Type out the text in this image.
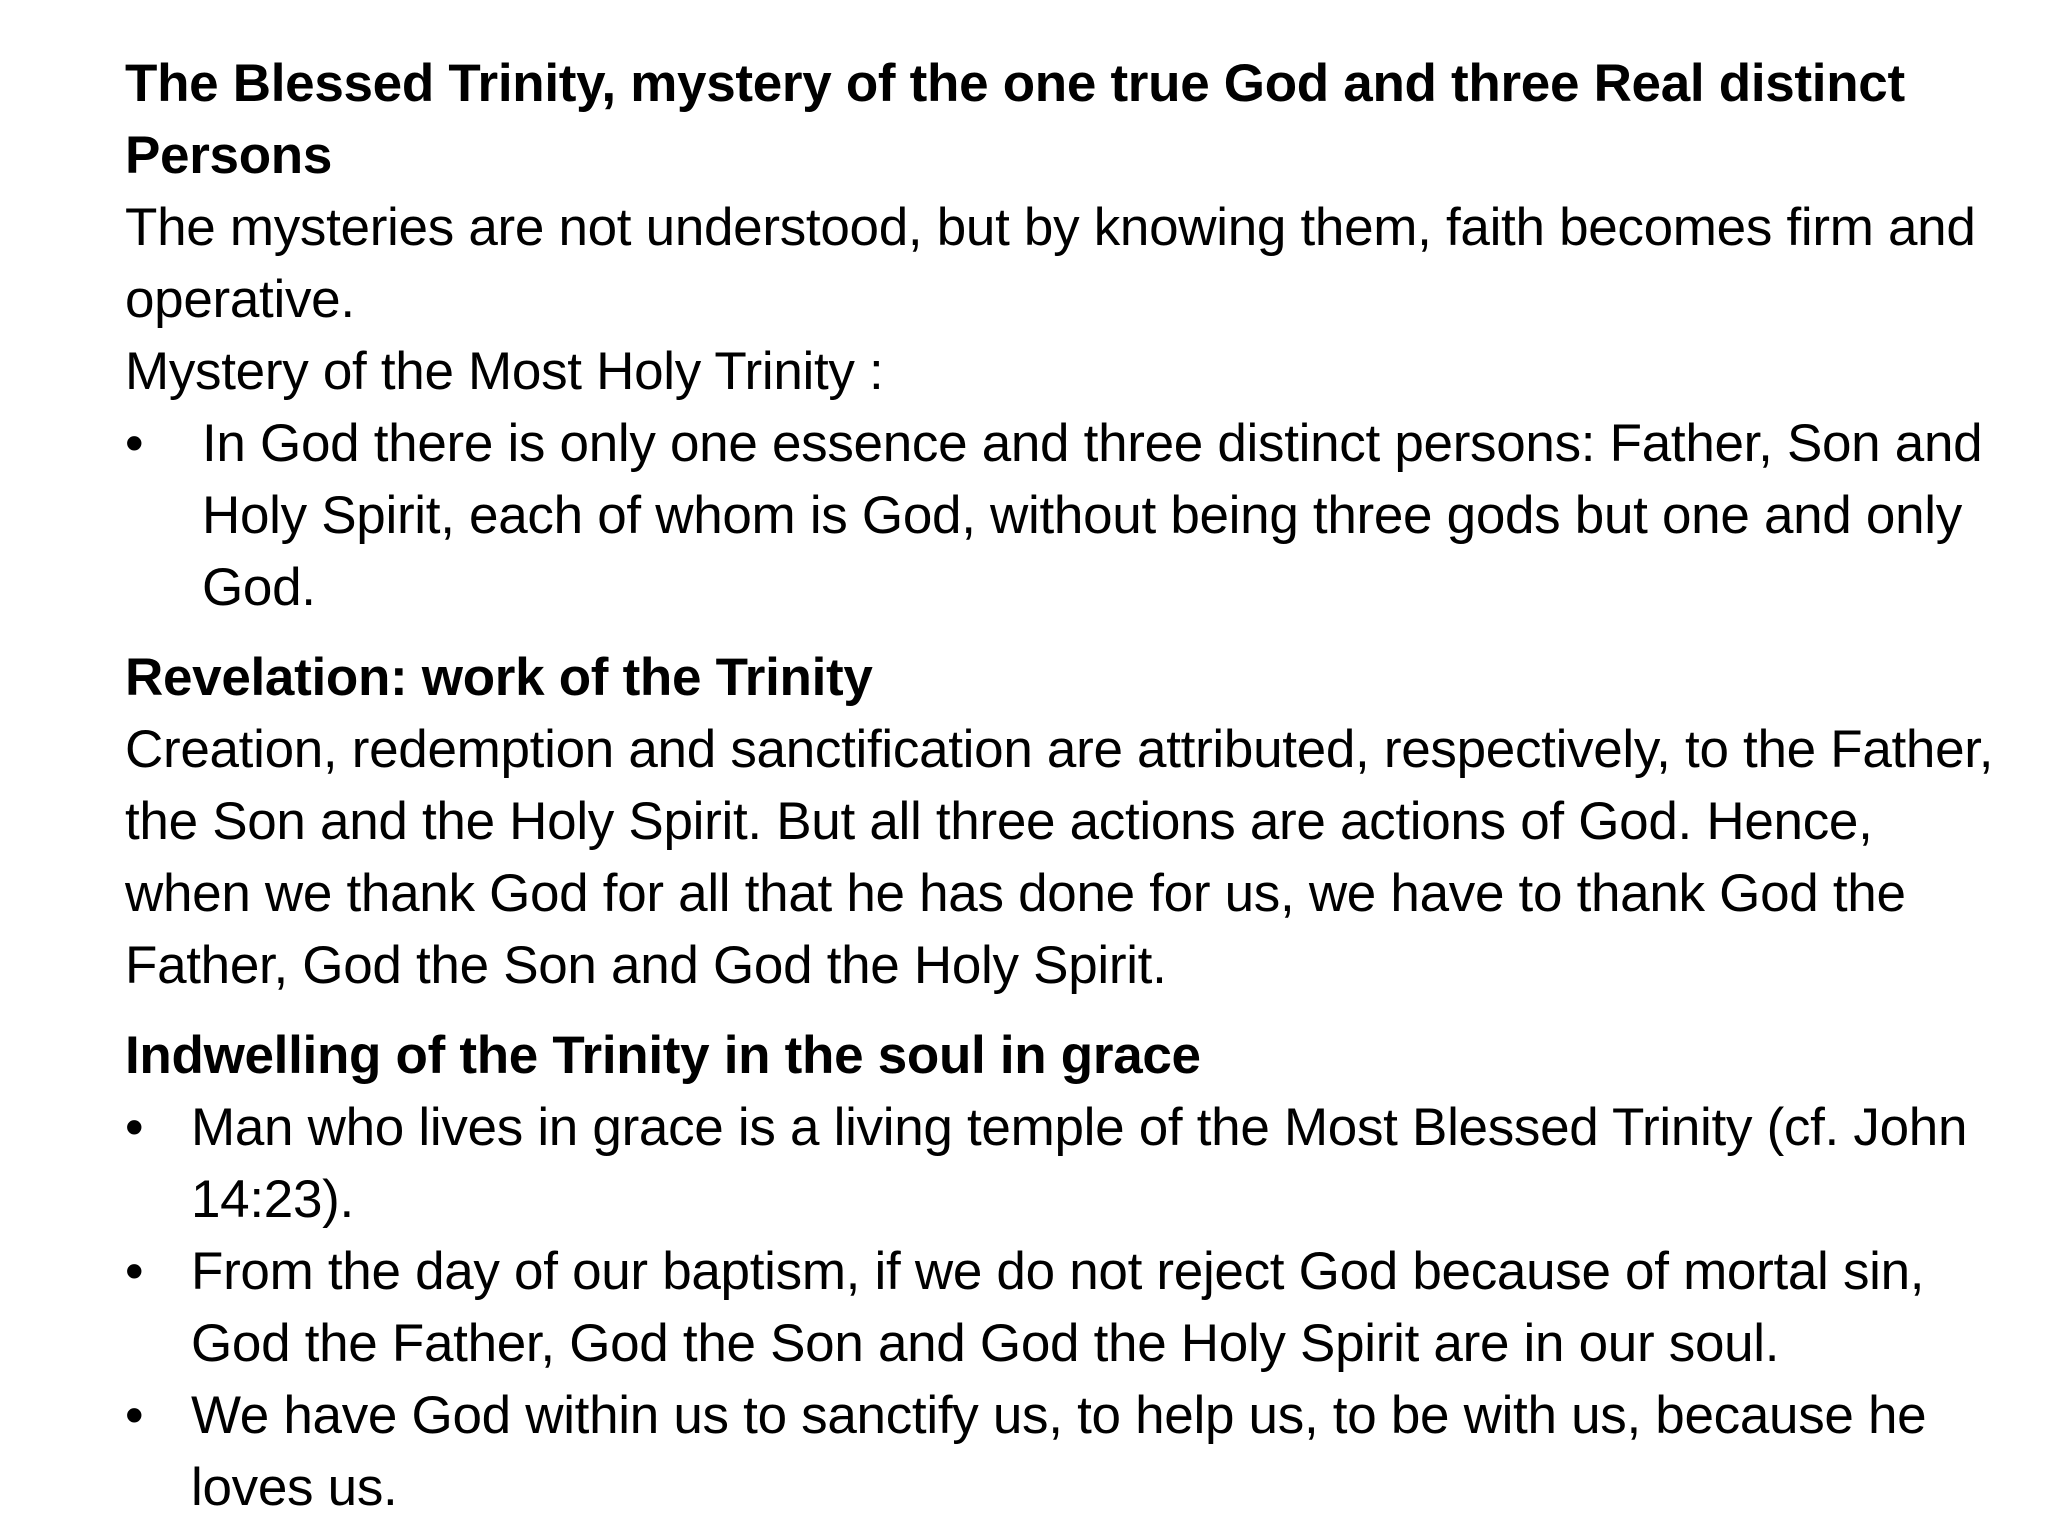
The Blessed Trinity, mystery of the one true God and three Real distinct Persons

The mysteries are not understood, but by knowing them, faith becomes firm and operative.

Mystery of the Most Holy Trinity :

•	In God there is only one essence and three distinct persons: Father, Son and Holy Spirit, each of whom is God, without being three gods but one and only God.

Revelation: work of the Trinity

Creation, redemption and sanctification are attributed, respectively, to the Father, the Son and the Holy Spirit. But all three actions are actions of God. Hence, when we thank God for all that he has done for us, we have to thank God the Father, God the Son and God the Holy Spirit.

Indwelling of the Trinity in the soul in grace

• Man who lives in grace is a living temple of the Most Blessed Trinity (cf. John 14:23).
• From the day of our baptism, if we do not reject God because of mortal sin, God the Father, God the Son and God the Holy Spirit are in our soul.
• We have God within us to sanctify us, to help us, to be with us, because he loves us.
